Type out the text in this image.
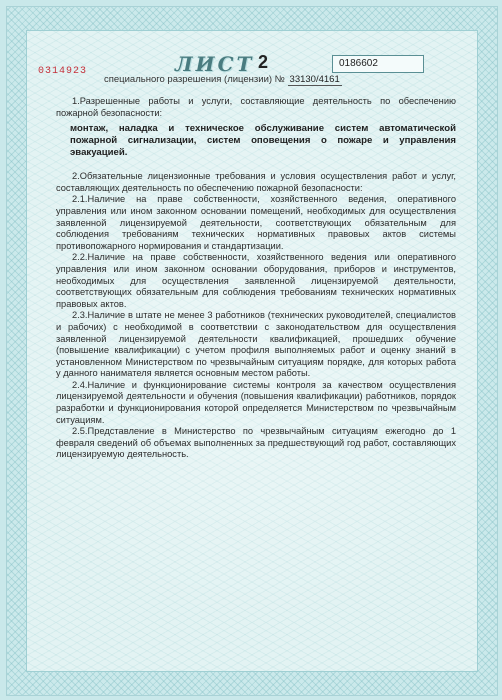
ЛИСТ 2	0186602
0314923
специального разрешения (лицензии) № 33130/4161

1.Разрешенные работы и услуги, составляющие деятельность по обеспечению пожарной безопасности:

монтаж, наладка и техническое обслуживание систем автоматической пожарной сигнализации, систем оповещения о пожаре и управления эвакуацией.

2.Обязательные лицензионные требования и условия осуществления работ и услуг, составляющих деятельность по обеспечению пожарной безопасности:

2.1.Наличие на праве собственности, хозяйственного ведения, оперативного управления или ином законном основании помещений, необходимых для осуществления заявленной лицензируемой деятельности, соответствующих обязательным для соблюдения требованиям технических нормативных правовых актов системы противопожарного нормирования и стандартизации.

2.2.Наличие на праве собственности, хозяйственного ведения или оперативного управления или ином законном основании оборудования, приборов и инструментов, необходимых для осуществления заявленной лицензируемой деятельности, соответствующих обязательным для соблюдения требованиям технических нормативных правовых актов.

2.3.Наличие в штате не менее 3 работников (технических руководителей, специалистов и рабочих) с необходимой в соответствии с законодательством для осуществления заявленной лицензируемой деятельности квалификацией, прошедших обучение (повышение квалификации) с учетом профиля выполняемых работ и оценку знаний в установленном Министерством по чрезвычайным ситуациям порядке, для которых работа у данного нанимателя является основным местом работы.

2.4.Наличие и функционирование системы контроля за качеством осуществления лицензируемой деятельности и обучения (повышения квалификации) работников, порядок разработки и функционирования которой определяется Министерством по чрезвычайным ситуациям.

2.5.Представление в Министерство по чрезвычайным ситуациям ежегодно до 1 февраля сведений об объемах выполненных за предшествующий год работ, составляющих лицензируемую деятельность.
